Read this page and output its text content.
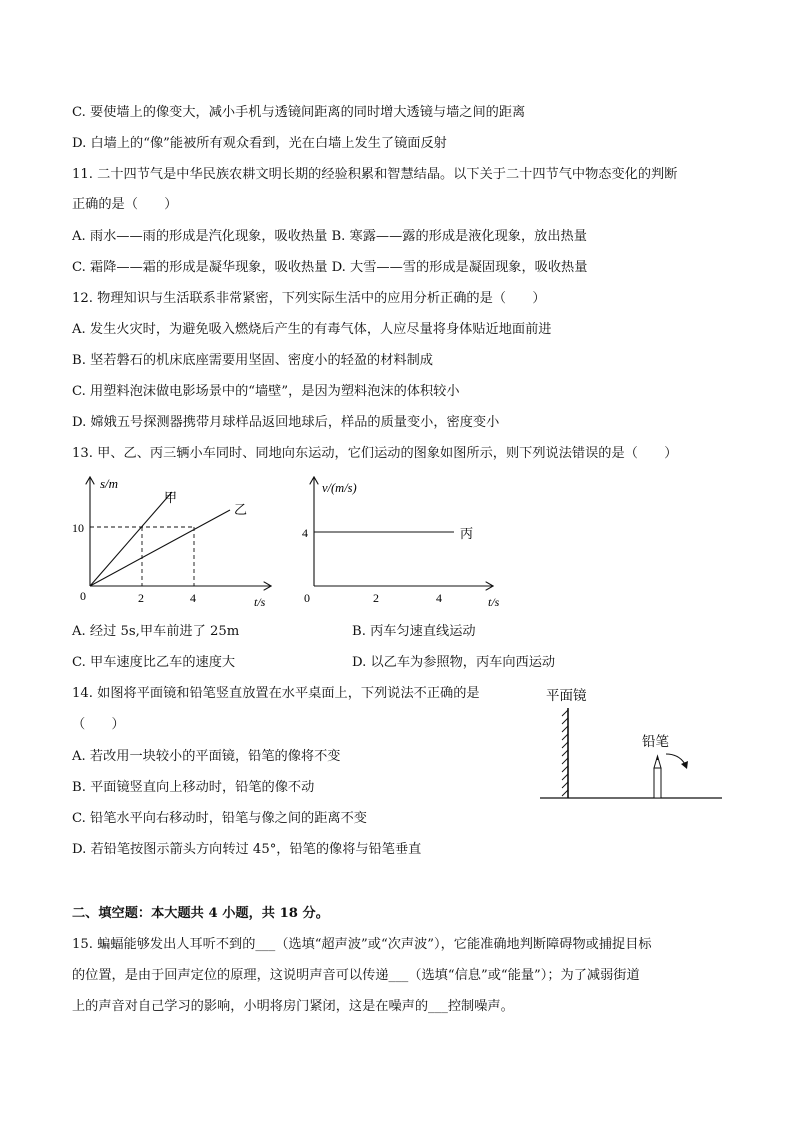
C. 要使墙上的像变大，减小手机与透镜间距离的同时增大透镜与墙之间的距离
D. 白墙上的“像”能被所有观众看到，光在白墙上发生了镜面反射
11. 二十四节气是中华民族农耕文明长期的经验积累和智慧结晶。以下关于二十四节气中物态变化的判断
正确的是（　　）
A. 雨水——雨的形成是汽化现象，吸收热量 B. 寒露——露的形成是液化现象，放出热量
C. 霜降——霜的形成是凝华现象，吸收热量 D. 大雪——雪的形成是凝固现象，吸收热量
12. 物理知识与生活联系非常紧密，下列实际生活中的应用分析正确的是（　　）
A. 发生火灾时，为避免吸入燃烧后产生的有毒气体，人应尽量将身体贴近地面前进
B. 坚若磐石的机床底座需要用坚固、密度小的轻盈的材料制成
C. 用塑料泡沫做电影场景中的“墙壁”，是因为塑料泡沫的体积较小
D. 嫦娥五号探测器携带月球样品返回地球后，样品的质量变小，密度变小
13. 甲、乙、丙三辆小车同时、同地向东运动，它们运动的图象如图所示，则下列说法错误的是（　　）
s/m
10
0	2	4	t/s
甲
乙
v/(m/s)
4
0	2	4	t/s
丙
A. 经过 5s,甲车前进了 25m	B. 丙车匀速直线运动
C. 甲车速度比乙车的速度大	D. 以乙车为参照物，丙车向西运动
14. 如图将平面镜和铅笔竖直放置在水平桌面上，下列说法不正确的是
（　　）
A. 若改用一块较小的平面镜，铅笔的像将不变
B. 平面镜竖直向上移动时，铅笔的像不动
C. 铅笔水平向右移动时，铅笔与像之间的距离不变
D. 若铅笔按图示箭头方向转过 45°，铅笔的像将与铅笔垂直
平面镜
铅笔
二、填空题：本大题共 4 小题，共 18 分。
15. 蝙蝠能够发出人耳听不到的___（选填“超声波”或“次声波”），它能准确地判断障碍物或捕捉目标
的位置，是由于回声定位的原理，这说明声音可以传递___（选填“信息”或“能量”）；为了减弱街道
上的声音对自己学习的影响，小明将房门紧闭，这是在噪声的___控制噪声。
